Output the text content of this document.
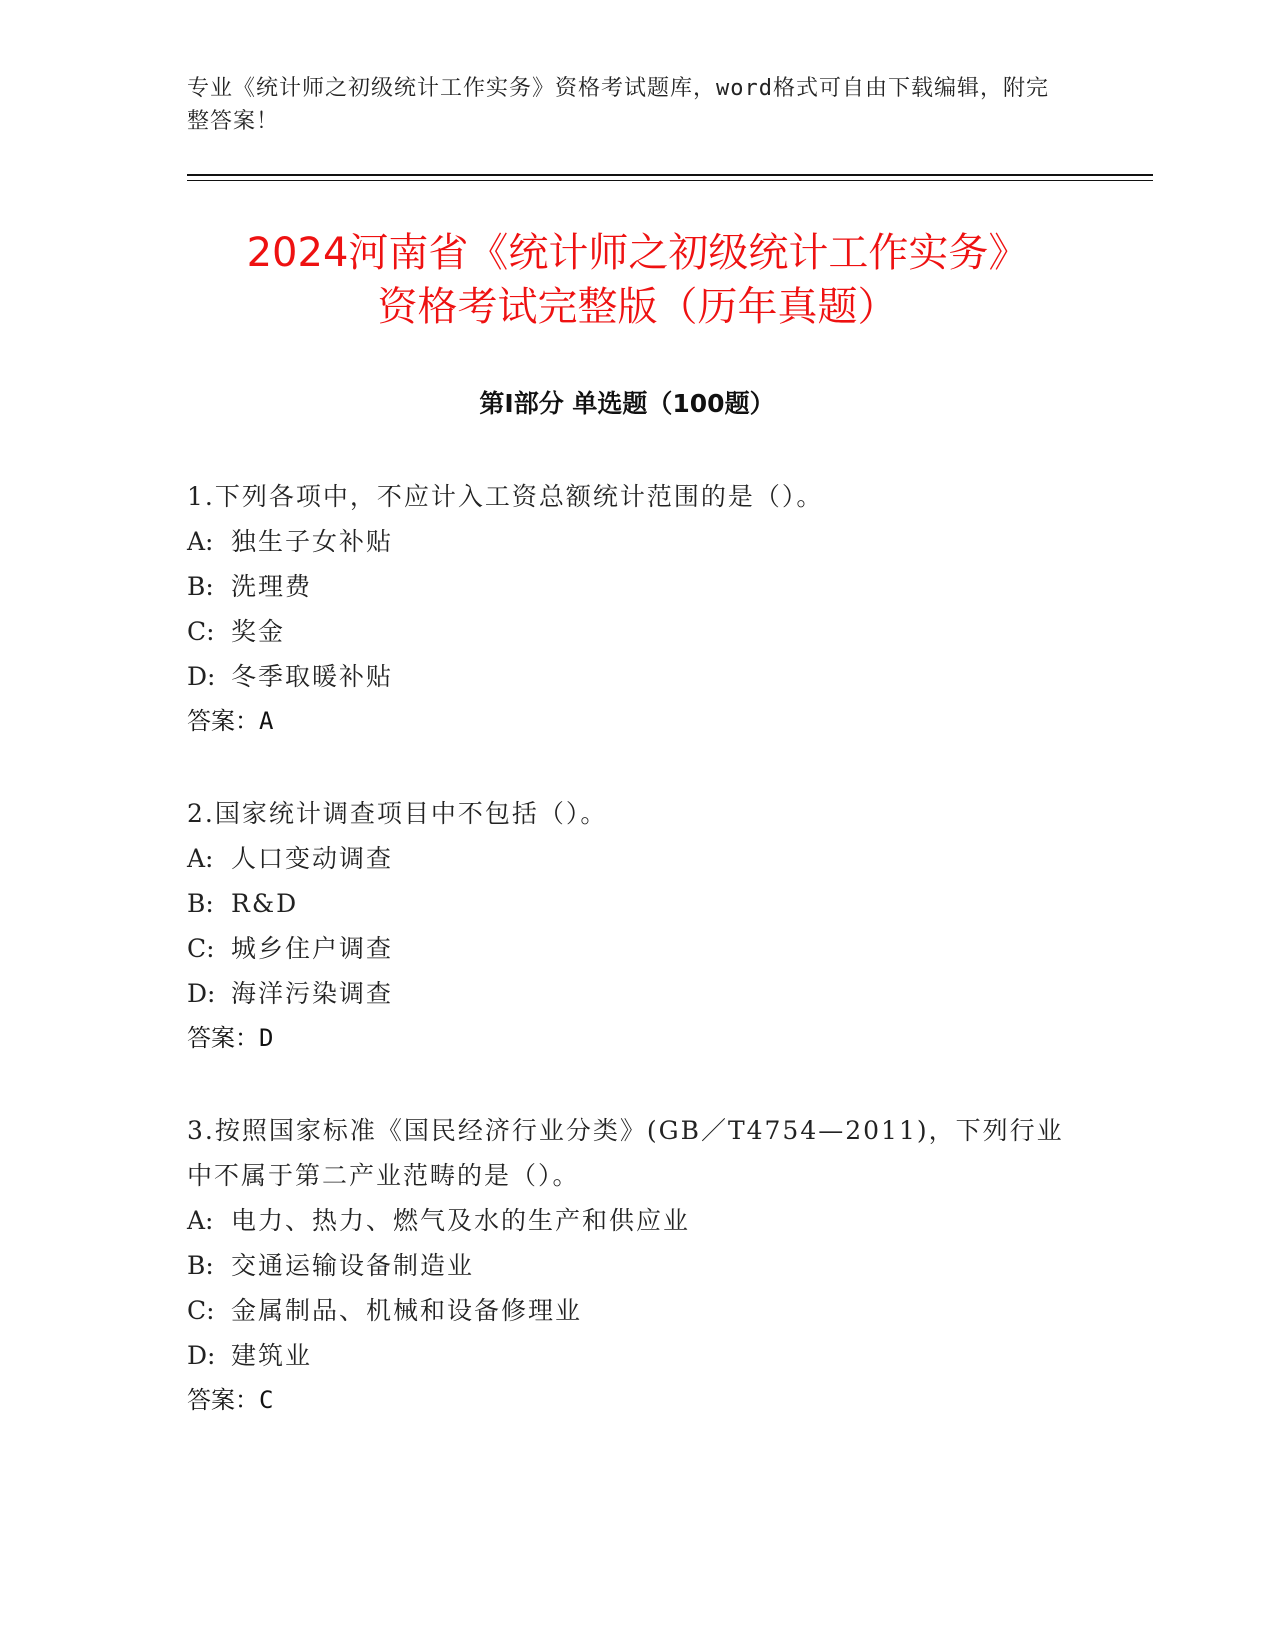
专业《统计师之初级统计工作实务》资格考试题库，word格式可自由下载编辑，附完整答案！
2024河南省《统计师之初级统计工作实务》
资格考试完整版（历年真题）
第I部分 单选题（100题）
1.下列各项中，不应计入工资总额统计范围的是（）。
A: 独生子女补贴
B: 洗理费
C: 奖金
D: 冬季取暖补贴
答案：A
2.国家统计调查项目中不包括（）。
A: 人口变动调查
B: R&D
C: 城乡住户调查
D: 海洋污染调查
答案：D
3.按照国家标准《国民经济行业分类》(GB／T4754—2011)，下列行业中不属于第二产业范畴的是（）。
A: 电力、热力、燃气及水的生产和供应业
B: 交通运输设备制造业
C: 金属制品、机械和设备修理业
D: 建筑业
答案：C
